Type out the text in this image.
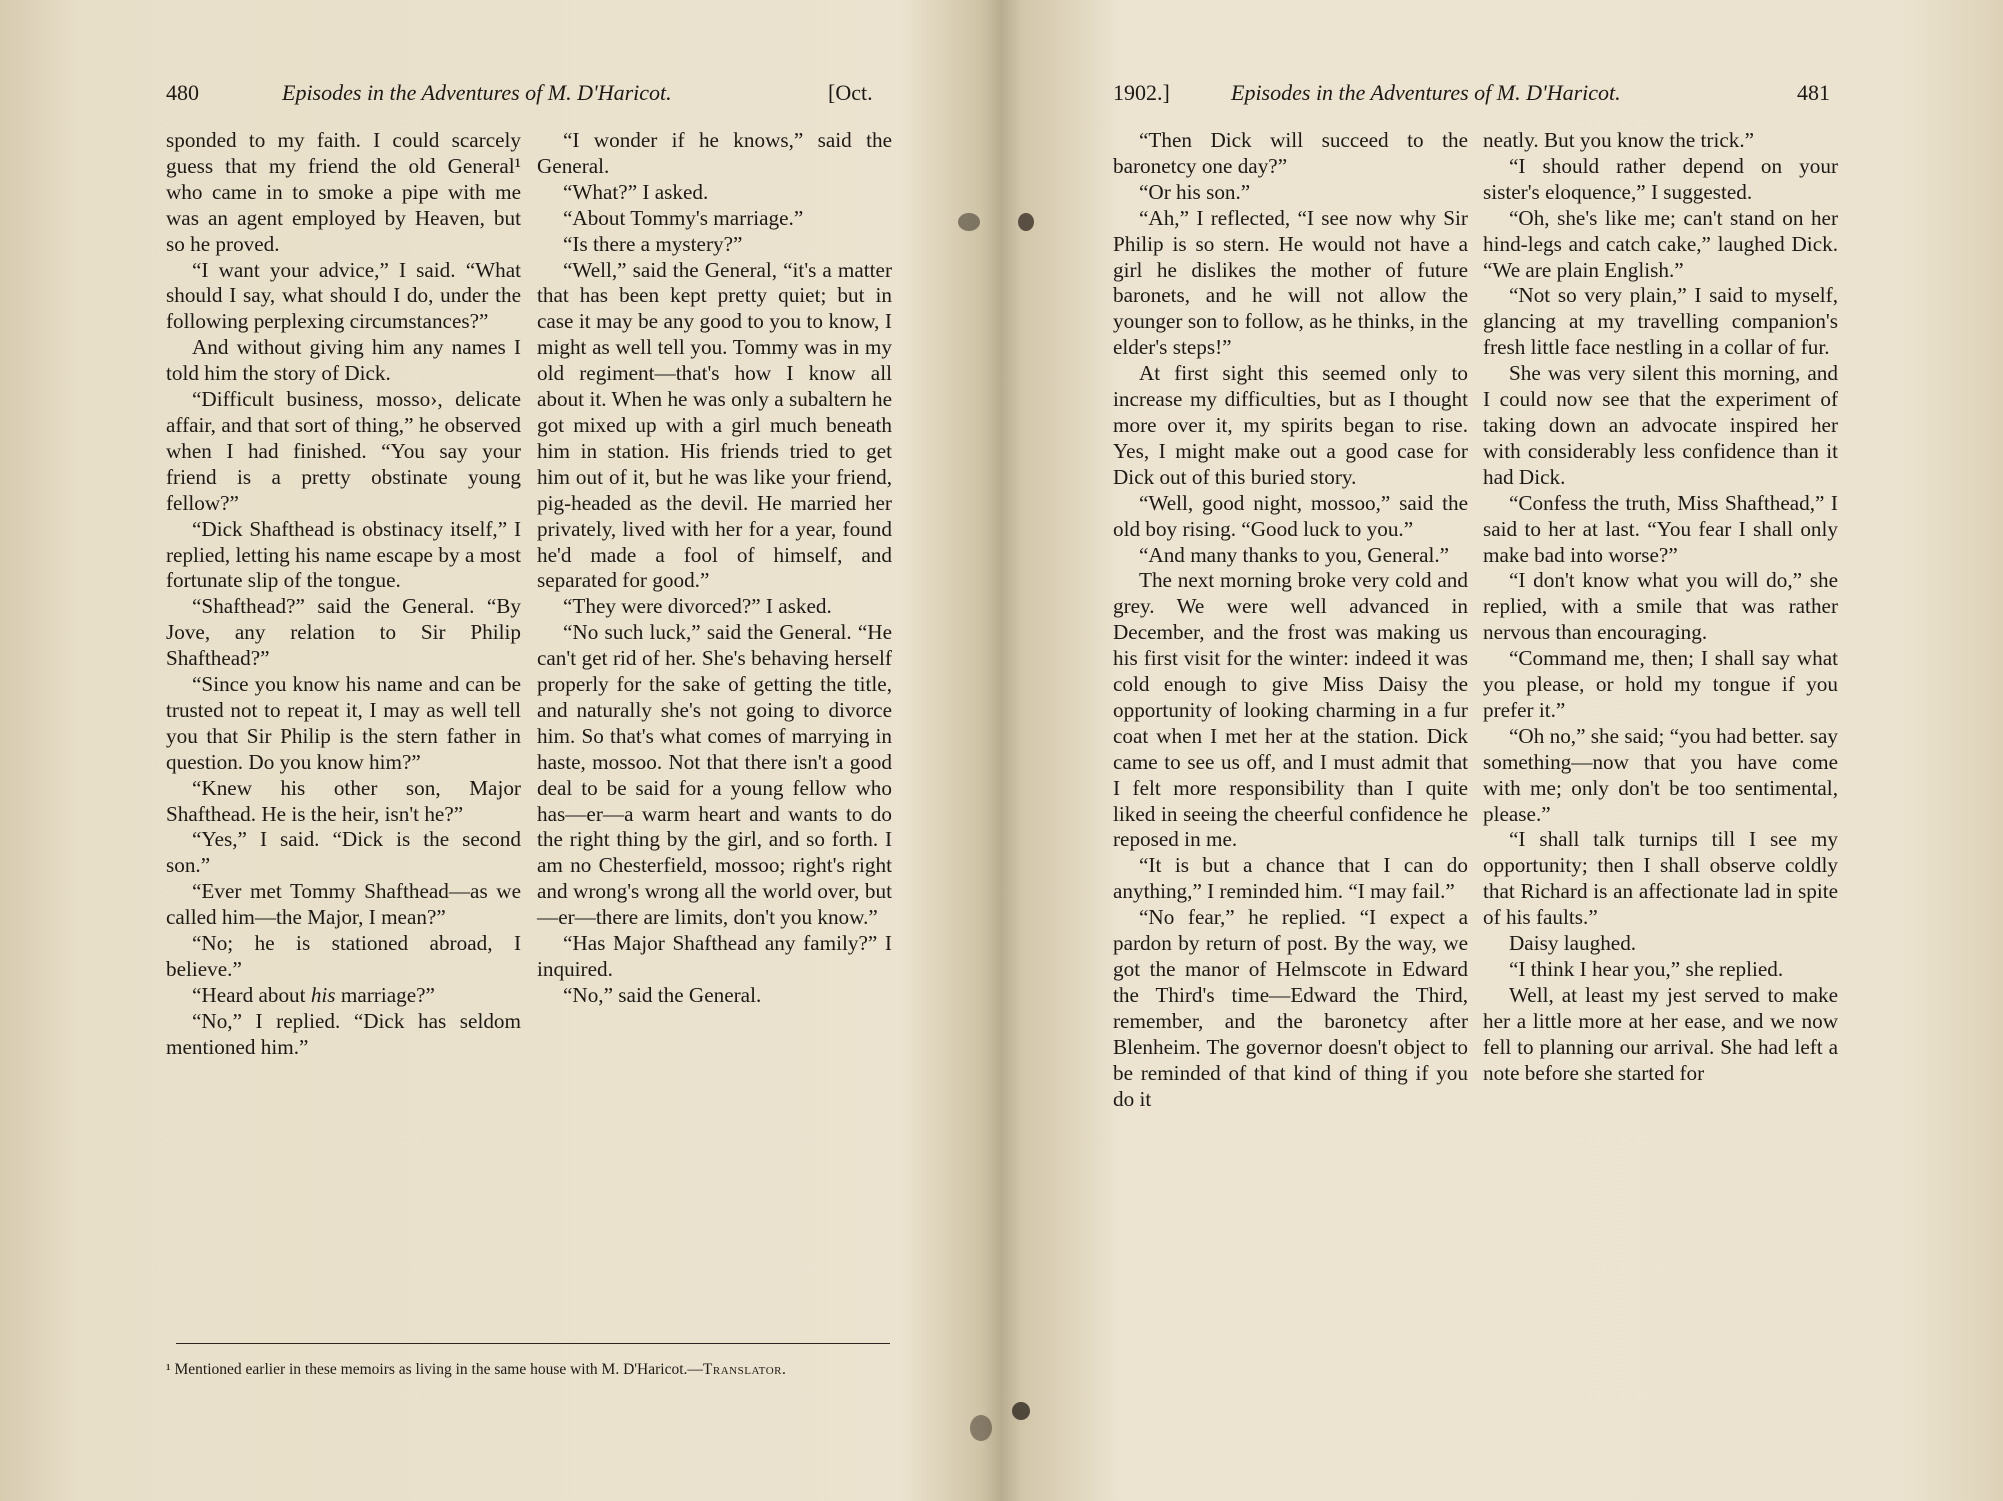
480	Episodes in the Adventures of M. D'Haricot.	[Oct.

sponded to my faith. I could scarcely guess that my friend the old General¹ who came in to smoke a pipe with me was an agent employed by Heaven, but so he proved.

“I want your advice,” I said. “What should I say, what should I do, under the following perplexing circumstances?”

And without giving him any names I told him the story of Dick.

“Difficult business, mosso›, delicate affair, and that sort of thing,” he observed when I had finished. “You say your friend is a pretty obstinate young fellow?”

“Dick Shafthead is obstinacy itself,” I replied, letting his name escape by a most fortunate slip of the tongue.

“Shafthead?” said the General. “By Jove, any relation to Sir Philip Shafthead?”

“Since you know his name and can be trusted not to repeat it, I may as well tell you that Sir Philip is the stern father in question. Do you know him?”

“Knew his other son, Major Shafthead. He is the heir, isn't he?”

“Yes,” I said. “Dick is the second son.”

“Ever met Tommy Shafthead—as we called him—the Major, I mean?”

“No; he is stationed abroad, I believe.”

“Heard about his marriage?”

“No,” I replied. “Dick has seldom mentioned him.”

“I wonder if he knows,” said the General.

“What?” I asked.

“About Tommy's marriage.”

“Is there a mystery?”

“Well,” said the General, “it's a matter that has been kept pretty quiet; but in case it may be any good to you to know, I might as well tell you. Tommy was in my old regiment—that's how I know all about it. When he was only a subaltern he got mixed up with a girl much beneath him in station. His friends tried to get him out of it, but he was like your friend, pig-headed as the devil. He married her privately, lived with her for a year, found he'd made a fool of himself, and separated for good.”

“They were divorced?” I asked.

“No such luck,” said the General. “He can't get rid of her. She's behaving herself properly for the sake of getting the title, and naturally she's not going to divorce him. So that's what comes of marrying in haste, mossoo. Not that there isn't a good deal to be said for a young fellow who has—er—a warm heart and wants to do the right thing by the girl, and so forth. I am no Chesterfield, mossoo; right's right and wrong's wrong all the world over, but—er—there are limits, don't you know.”

“Has Major Shafthead any family?” I inquired.

“No,” said the General.

¹ Mentioned earlier in these memoirs as living in the same house with M. D'Haricot.—Translator.
1902.]	Episodes in the Adventures of M. D'Haricot.	481

“Then Dick will succeed to the baronetcy one day?”

“Or his son.”

“Ah,” I reflected, “I see now why Sir Philip is so stern. He would not have a girl he dislikes the mother of future baronets, and he will not allow the younger son to follow, as he thinks, in the elder's steps!”

At first sight this seemed only to increase my difficulties, but as I thought more over it, my spirits began to rise. Yes, I might make out a good case for Dick out of this buried story.

“Well, good night, mossoo,” said the old boy rising. “Good luck to you.”

“And many thanks to you, General.”

The next morning broke very cold and grey. We were well advanced in December, and the frost was making us his first visit for the winter: indeed it was cold enough to give Miss Daisy the opportunity of looking charming in a fur coat when I met her at the station. Dick came to see us off, and I must admit that I felt more responsibility than I quite liked in seeing the cheerful confidence he reposed in me.

“It is but a chance that I can do anything,” I reminded him. “I may fail.”

“No fear,” he replied. “I expect a pardon by return of post. By the way, we got the manor of Helmscote in Edward the Third's time—Edward the Third, remember, and the baronetcy after Blenheim. The governor doesn't object to be reminded of that kind of thing if you do it

neatly. But you know the trick.”

“I should rather depend on your sister's eloquence,” I suggested.

“Oh, she's like me; can't stand on her hind-legs and catch cake,” laughed Dick. “We are plain English.”

“Not so very plain,” I said to myself, glancing at my travelling companion's fresh little face nestling in a collar of fur.

She was very silent this morning, and I could now see that the experiment of taking down an advocate inspired her with considerably less confidence than it had Dick.

“Confess the truth, Miss Shafthead,” I said to her at last. “You fear I shall only make bad into worse?”

“I don't know what you will do,” she replied, with a smile that was rather nervous than encouraging.

“Command me, then; I shall say what you please, or hold my tongue if you prefer it.”

“Oh no,” she said; “you had better. say something—now that you have come with me; only don't be too sentimental, please.”

“I shall talk turnips till I see my opportunity; then I shall observe coldly that Richard is an affectionate lad in spite of his faults.”

Daisy laughed.

“I think I hear you,” she replied.

Well, at least my jest served to make her a little more at her ease, and we now fell to planning our arrival. She had left a note before she started for
